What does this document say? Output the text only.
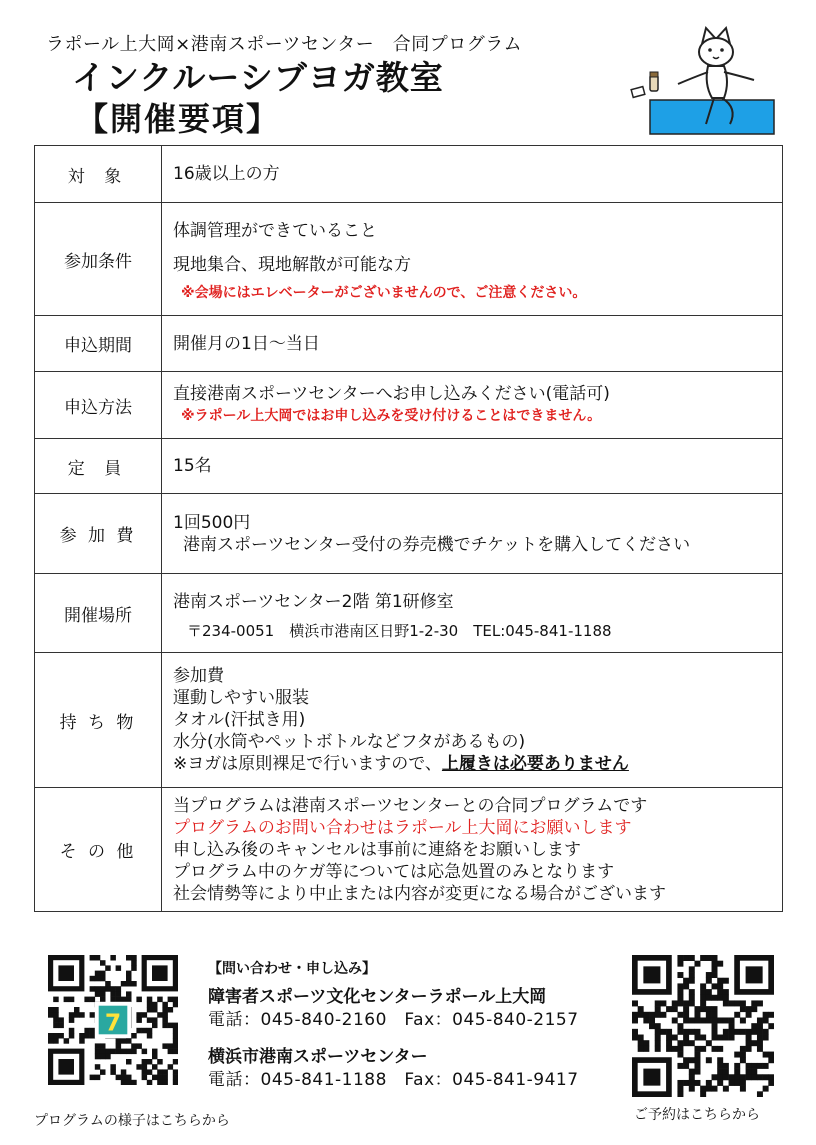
ラポール上大岡×港南スポーツセンター　合同プログラム
インクルーシブヨガ教室
【開催要項】
対 象	16歳以上の方
参加条件	体調管理ができていること
現地集合、現地解散が可能な方
※会場にはエレベーターがございませんので、ご注意ください。

申込期間	開催月の1日～当日
申込方法	直接港南スポーツセンターへお申し込みください(電話可)
※ラポール上大岡ではお申し込みを受け付けることはできません。

定 員	15名
参 加 費	1回500円
港南スポーツセンター受付の券売機でチケットを購入してください

開催場所	港南スポーツセンター2階 第1研修室
〒234-0051　横浜市港南区日野1-2-30　TEL:045-841-1188

持 ち 物	参加費
運動しやすい服装
タオル(汗拭き用)
水分(水筒やペットボトルなどフタがあるもの)
※ヨガは原則裸足で行いますので、上履きは必要ありません

そ の 他	当プログラムは港南スポーツセンターとの合同プログラムです
プログラムのお問い合わせはラポール上大岡にお願いします
申し込み後のキャンセルは事前に連絡をお願いします
プログラム中のケガ等については応急処置のみとなります
社会情勢等により中止または内容が変更になる場合がございます
7
プログラムの様子はこちらから
【問い合わせ・申し込み】
障害者スポーツ文化センターラポール上大岡
電話：045-840-2160　Fax：045-840-2157
横浜市港南スポーツセンター
電話：045-841-1188　Fax：045-841-9417
ご予約はこちらから
